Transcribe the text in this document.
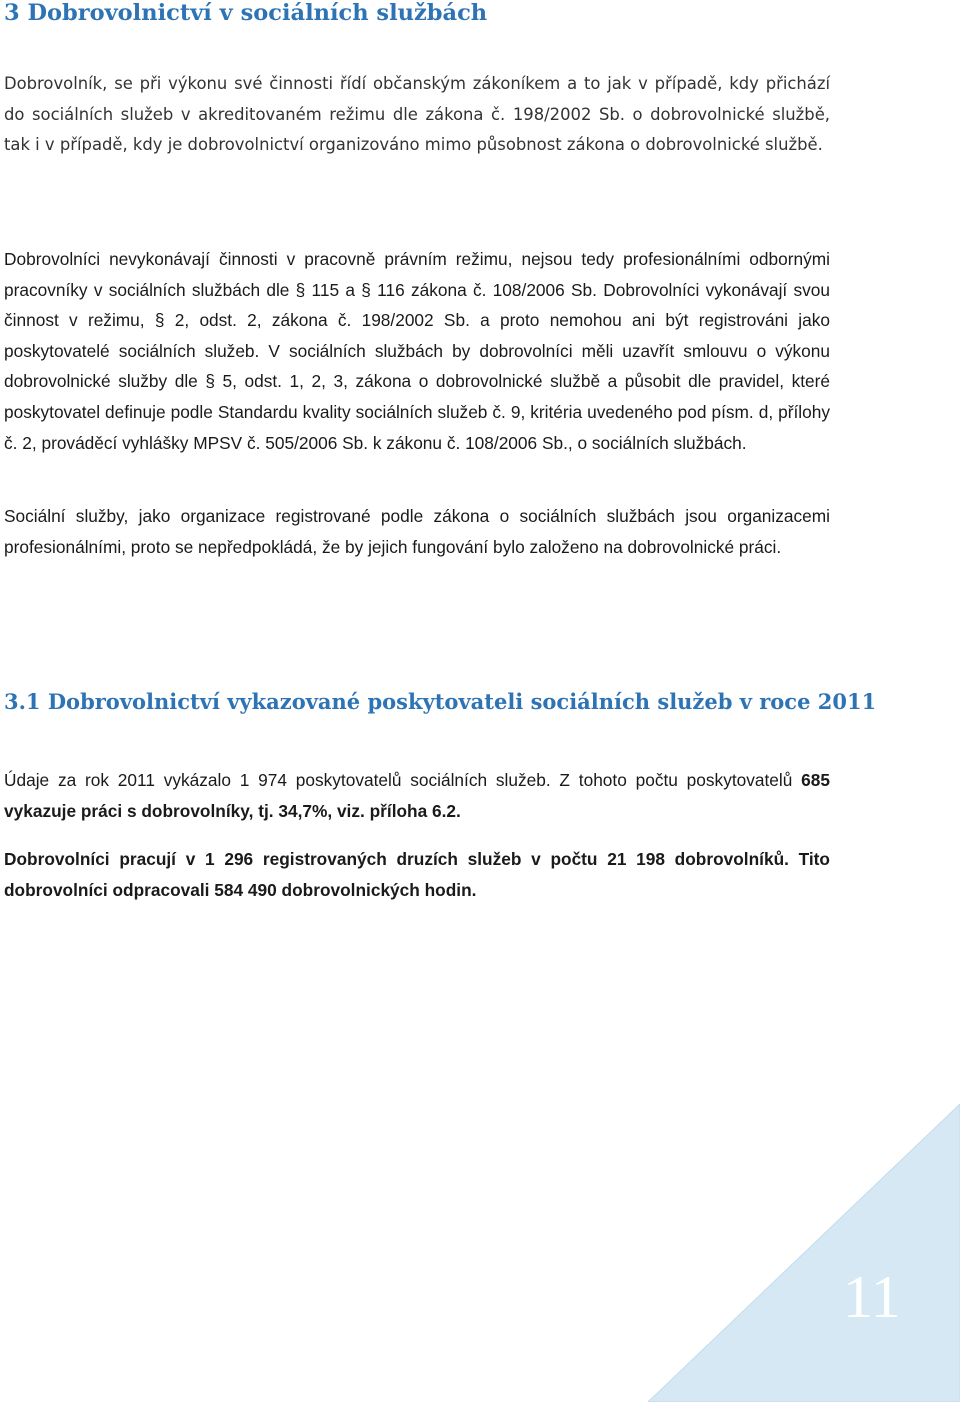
3 Dobrovolnictví v sociálních službách

Dobrovolník, se při výkonu své činnosti řídí občanským zákoníkem a to jak v případě, kdy přichází do sociálních služeb v akreditovaném režimu dle zákona č. 198/2002 Sb. o dobrovolnické službě, tak i v případě, kdy je dobrovolnictví organizováno mimo působnost zákona o dobrovolnické službě.

Dobrovolníci nevykonávají činnosti v pracovně právním režimu, nejsou tedy profesionálními odbornými pracovníky v sociálních službách dle § 115 a § 116 zákona č. 108/2006 Sb. Dobrovolníci vykonávají svou činnost v režimu, § 2, odst. 2, zákona č. 198/2002 Sb. a proto nemohou ani být registrováni jako poskytovatelé sociálních služeb. V sociálních službách by dobrovolníci měli uzavřít smlouvu o výkonu dobrovolnické služby dle § 5, odst. 1, 2, 3, zákona o dobrovolnické službě a působit dle pravidel, které poskytovatel definuje podle Standardu kvality sociálních služeb č. 9, kritéria uvedeného pod písm. d, přílohy č. 2, prováděcí vyhlášky MPSV č. 505/2006 Sb. k zákonu č. 108/2006 Sb., o sociálních službách.

Sociální služby, jako organizace registrované podle zákona o sociálních službách jsou organizacemi profesionálními, proto se nepředpokládá, že by jejich fungování bylo založeno na dobrovolnické práci.

3.1 Dobrovolnictví vykazované poskytovateli sociálních služeb v roce 2011

Údaje za rok 2011 vykázalo 1 974 poskytovatelů sociálních služeb. Z tohoto počtu poskytovatelů 685 vykazuje práci s dobrovolníky, tj. 34,7%, viz. příloha 6.2.

Dobrovolníci pracují v 1 296 registrovaných druzích služeb v počtu 21 198 dobrovolníků. Tito dobrovolníci odpracovali 584 490 dobrovolnických hodin.

11
